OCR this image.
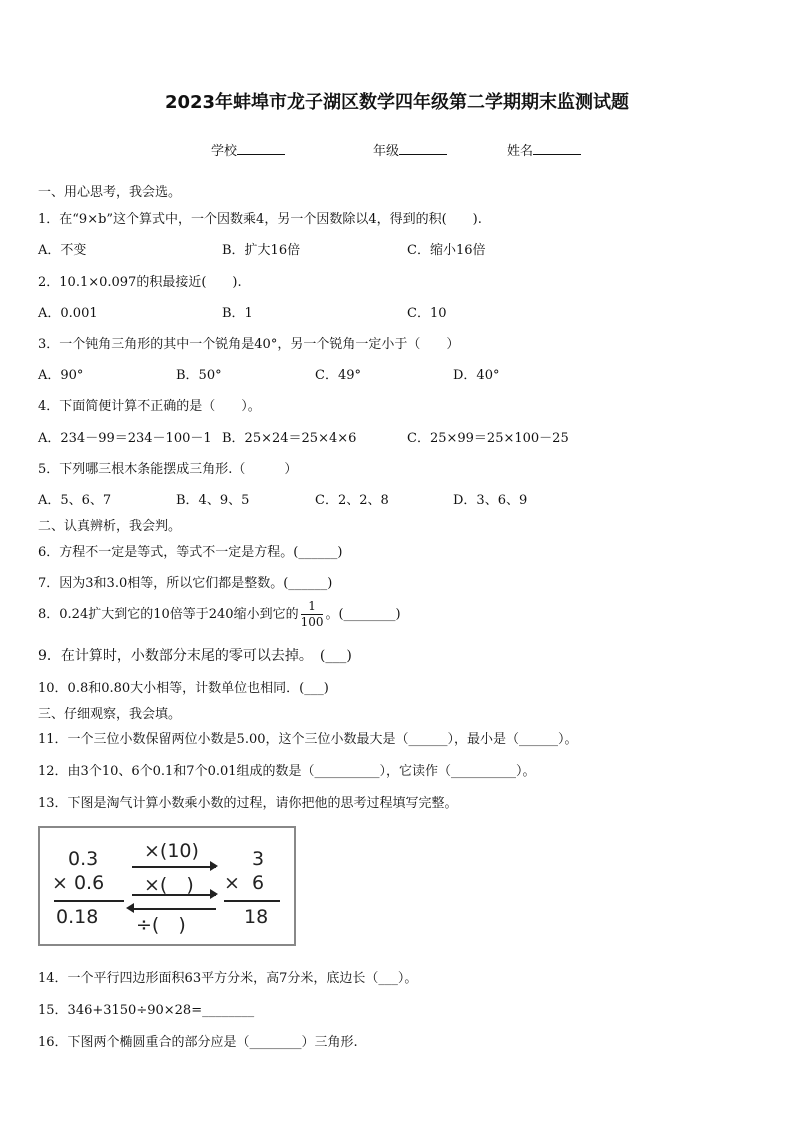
2023年蚌埠市龙子湖区数学四年级第二学期期末监测试题
学校	年级	姓名
一、用心思考，我会选。
1．在“9×b”这个算式中，一个因数乘4，另一个因数除以4，得到的积(　　).
A．不变	B．扩大16倍	C．缩小16倍
2．10.1×0.097的积最接近(　　).
A．0.001	B．1	C．10
3．一个钝角三角形的其中一个锐角是40°，另一个锐角一定小于（　　）
A．90°	B．50°	C．49°	D．40°
4．下面简便计算不正确的是（　　）。
A．234－99＝234－100－1 B．25×24＝25×4×6	C．25×99＝25×100－25
5．下列哪三根木条能摆成三角形.（　　　）
A．5、6、7	B．4、9、5	C．2、2、8	D．3、6、9
二、认真辨析，我会判。
6．方程不一定是等式，等式不一定是方程。(______)
7．因为3和3.0相等，所以它们都是整数。(______)
8．0.24扩大到它的10倍等于240缩小到它的 $\frac{1}{100}$ 。(________)
9．在计算时，小数部分末尾的零可以去掉。　(___)
10．0.8和0.80大小相等，计数单位也相同．(___)
三、仔细观察，我会填。
11．一个三位小数保留两位小数是5.00，这个三位小数最大是（______），最小是（______）。
12．由3个10、6个0.1和7个0.01组成的数是（__________），它读作（__________）。
13．下图是淘气计算小数乘小数的过程，请你把他的思考过程填写完整。
0.3
× 0.6
0.18
×(10)
×(　)
÷(　)
×
3
6
18
14．一个平行四边形面积63平方分米，高7分米，底边长（___）。
15．346+3150÷90×28=________
16．下图两个椭圆重合的部分应是（________）三角形.
